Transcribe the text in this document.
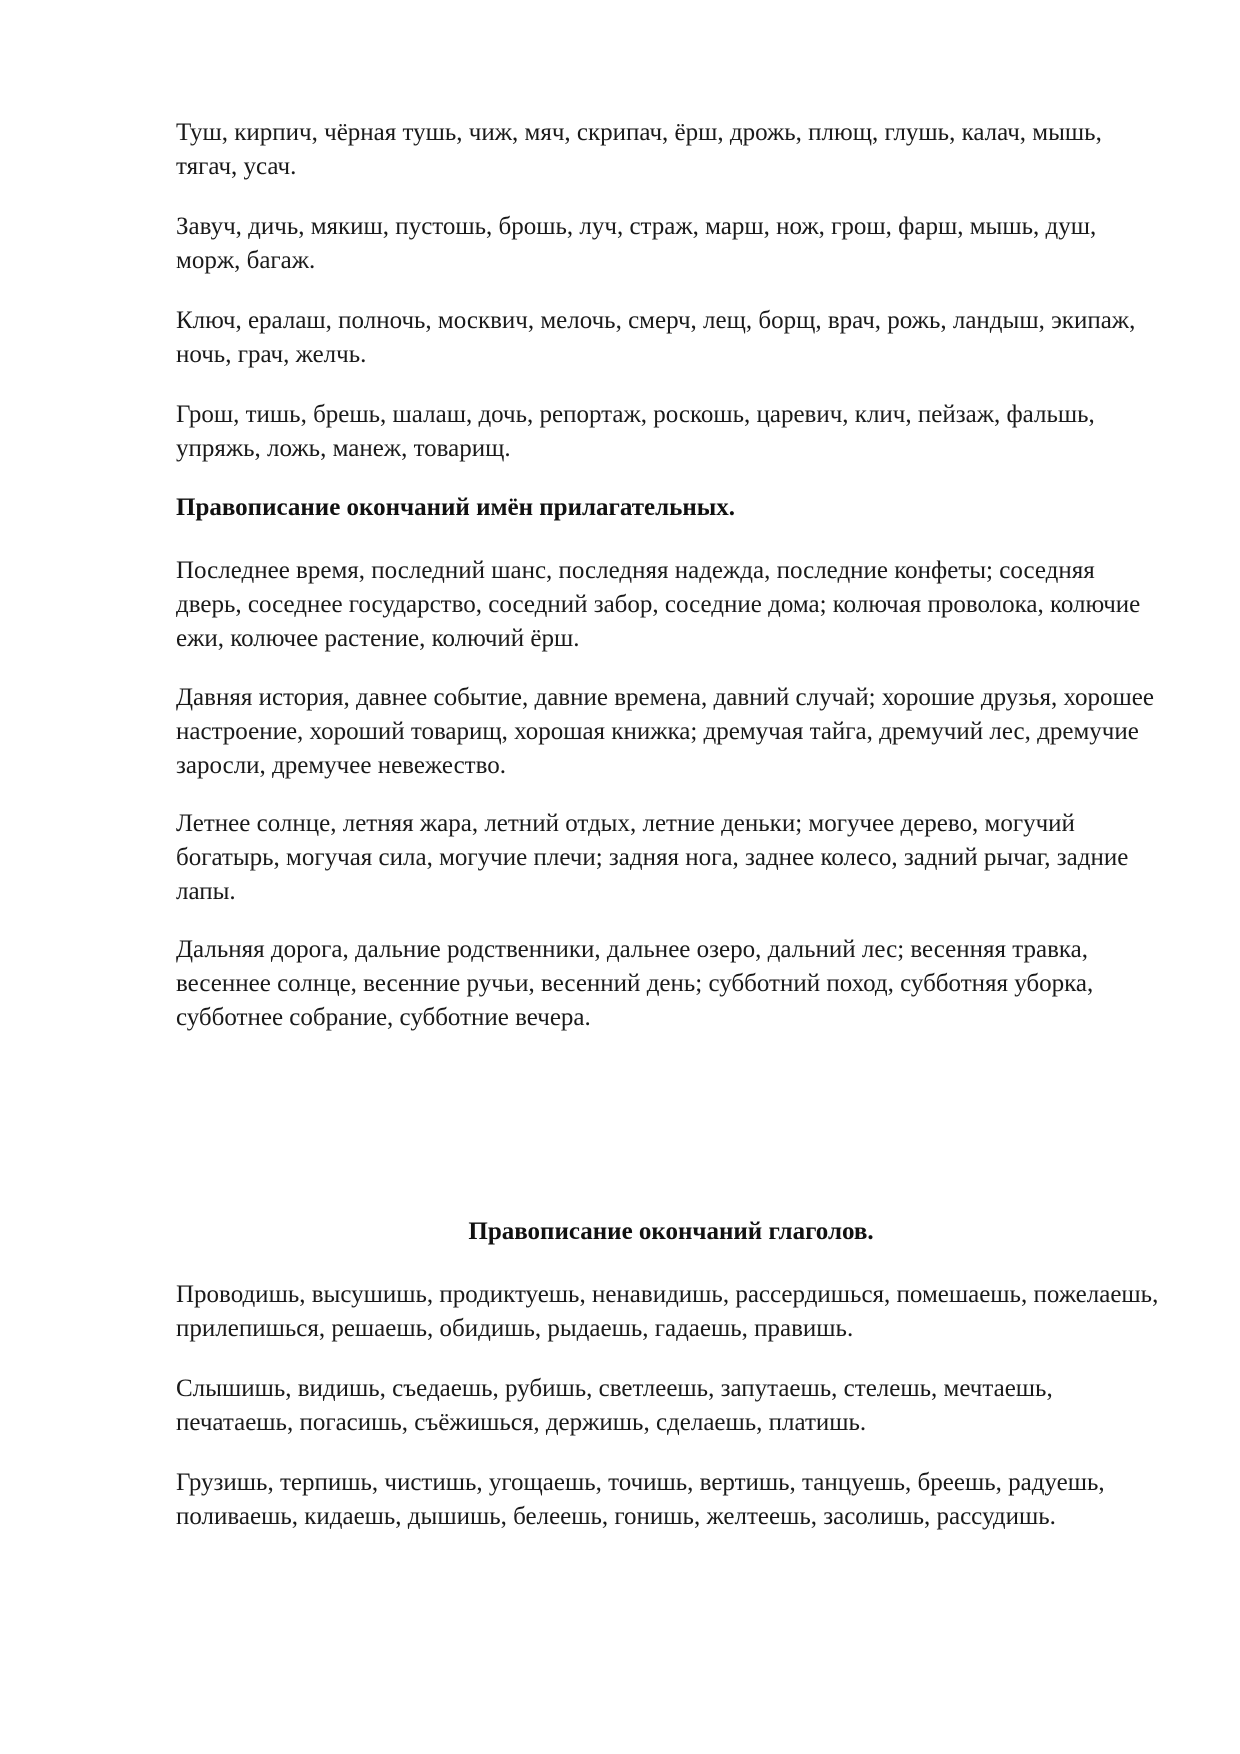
Туш, кирпич, чёрная тушь, чиж, мяч, скрипач, ёрш, дрожь, плющ, глушь, калач, мышь, тягач, усач.

Завуч, дичь, мякиш, пустошь, брошь, луч, страж, марш, нож, грош, фарш, мышь, душ, морж, багаж.

Ключ, ералаш, полночь, москвич, мелочь, смерч, лещ, борщ, врач, рожь, ландыш, экипаж, ночь, грач, желчь.

Грош, тишь, брешь, шалаш, дочь, репортаж, роскошь, царевич, клич, пейзаж, фальшь, упряжь, ложь, манеж, товарищ.

Правописание окончаний имён прилагательных.

Последнее время, последний шанс, последняя надежда, последние конфеты; соседняя дверь, соседнее государство, соседний забор, соседние дома; колючая проволока, колючие ежи, колючее растение, колючий ёрш.

Давняя история, давнее событие, давние времена, давний случай; хорошие друзья, хорошее настроение, хороший товарищ, хорошая книжка; дремучая тайга, дремучий лес, дремучие заросли, дремучее невежество.

Летнее солнце, летняя жара, летний отдых, летние деньки; могучее дерево, могучий богатырь, могучая сила, могучие плечи; задняя нога, заднее колесо, задний рычаг, задние лапы.

Дальняя дорога, дальние родственники, дальнее озеро, дальний лес; весенняя травка, весеннее солнце, весенние ручьи, весенний день; субботний поход, субботняя уборка, субботнее собрание, субботние вечера.

Правописание окончаний глаголов.

Проводишь, высушишь, продиктуешь, ненавидишь, рассердишься, помешаешь, пожелаешь, прилепишься, решаешь, обидишь, рыдаешь, гадаешь, правишь.

Слышишь, видишь, съедаешь, рубишь, светлеешь, запутаешь, стелешь, мечтаешь, печатаешь, погасишь, съёжишься, держишь, сделаешь, платишь.

Грузишь, терпишь, чистишь, угощаешь, точишь, вертишь, танцуешь, бреешь, радуешь, поливаешь, кидаешь, дышишь, белеешь, гонишь, желтеешь, засолишь, рассудишь.
